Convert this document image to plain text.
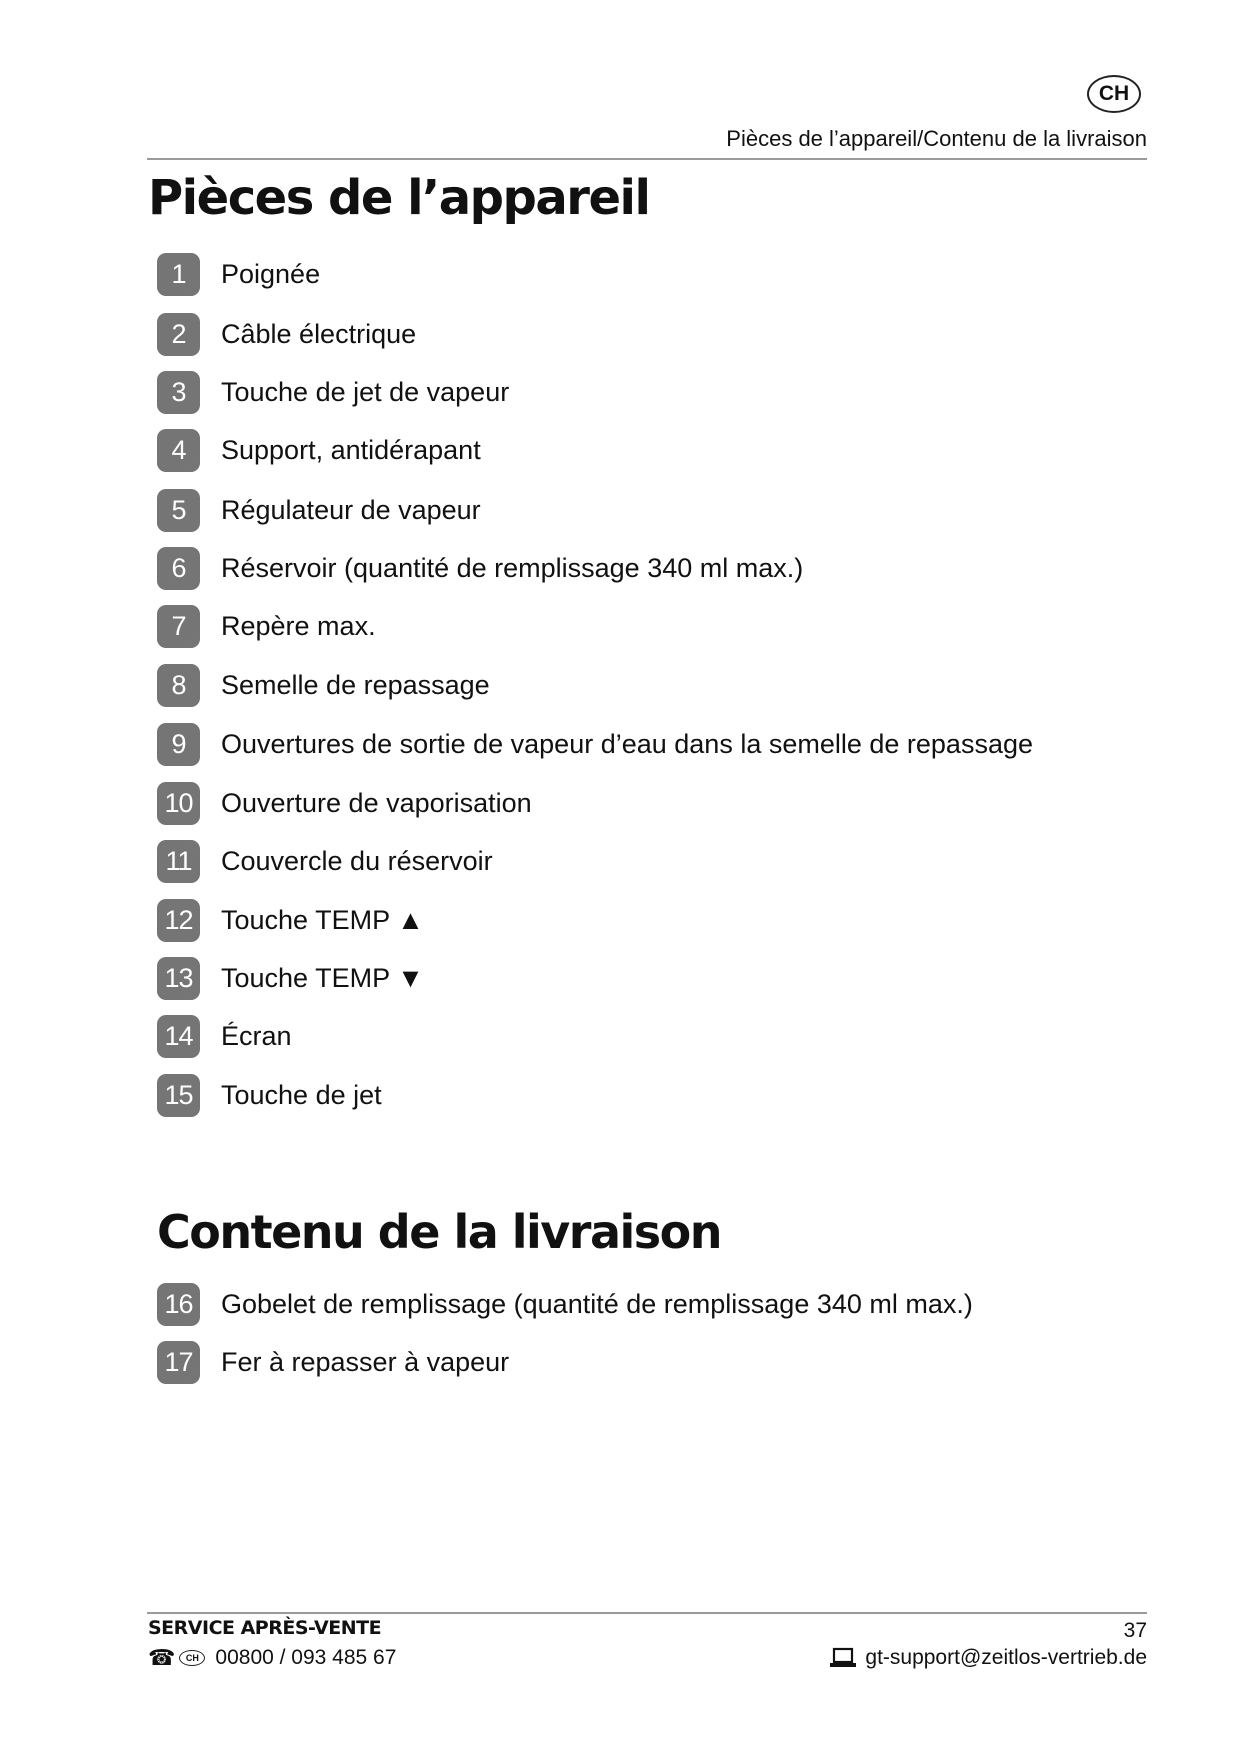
CH
Pièces de l’appareil/Contenu de la livraison
Pièces de l’appareil
1	Poignée
2	Câble électrique
3	Touche de jet de vapeur
4	Support, antidérapant
5	Régulateur de vapeur
6	Réservoir (quantité de remplissage 340 ml max.)
7	Repère max.
8	Semelle de repassage
9	Ouvertures de sortie de vapeur d’eau dans la semelle de repassage
10 Ouverture de vaporisation
11	Couvercle du réservoir
12 Touche TEMP ▲
13 Touche TEMP ▼
14 Écran
15 Touche de jet
Contenu de la livraison
16 Gobelet de remplissage (quantité de remplissage 340 ml max.)
17 Fer à repasser à vapeur
SERVICE APRÈS-VENTE
☎	CH 00800 / 093 485 67
37
gt-support@zeitlos-vertrieb.de
